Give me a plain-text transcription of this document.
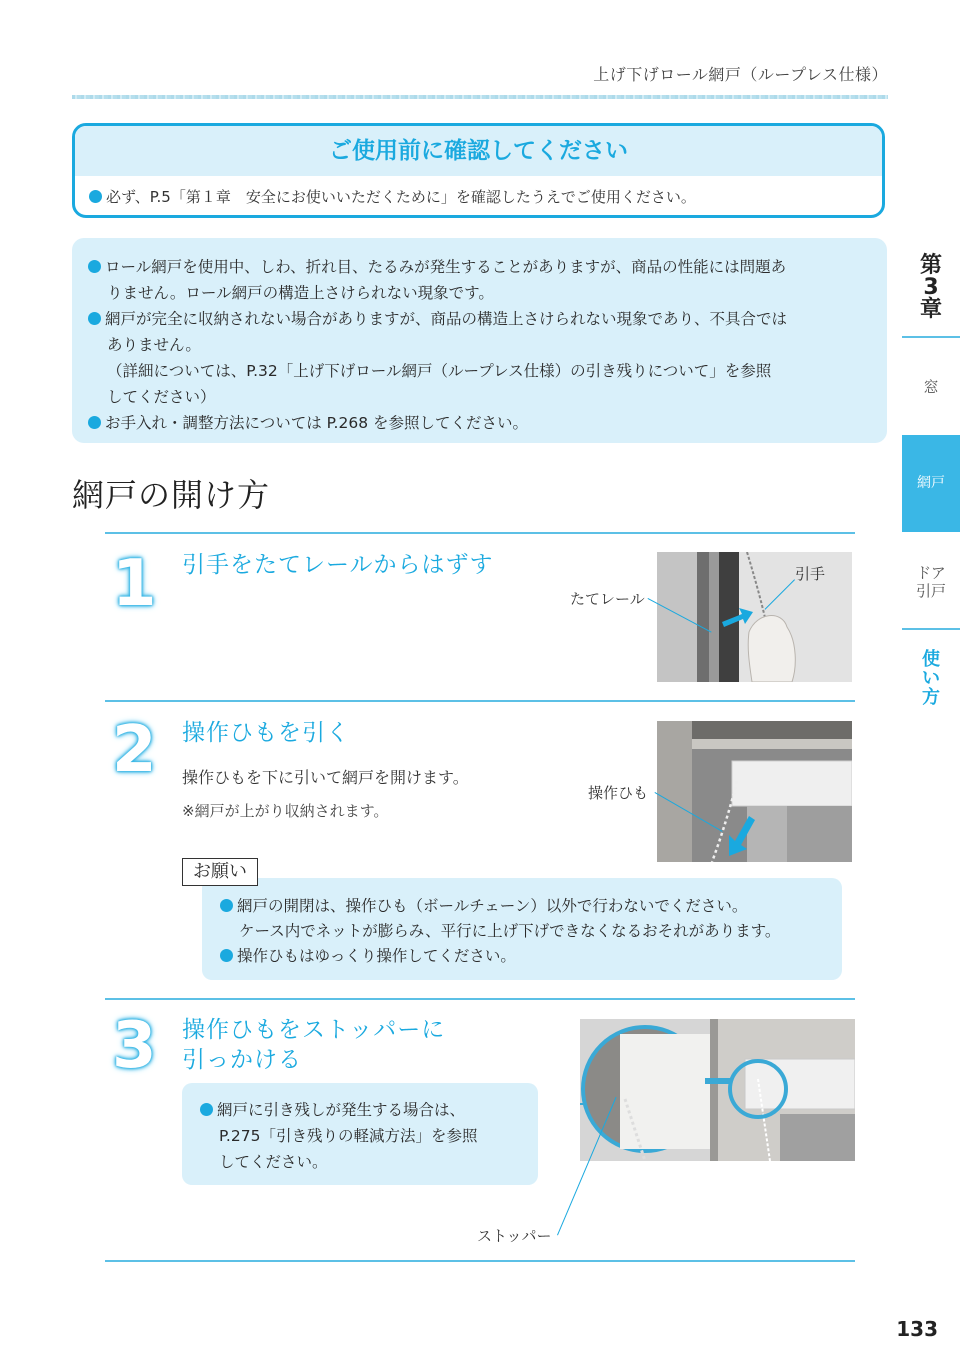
上げ下げロール網戸（ループレス仕様）
ご使用前に確認してください
必ず、P.5「第１章　安全にお使いいただくために」を確認したうえでご使用ください。

ロール網戸を使用中、しわ、折れ目、たるみが発生することがありますが、商品の性能には問題あ

りません。ロール網戸の構造上さけられない現象です。

網戸が完全に収納されない場合がありますが、商品の構造上さけられない現象であり、不具合では

ありません。

（詳細については、P.32「上げ下げロール網戸（ループレス仕様）の引き残りについて」を参照

してください）

お手入れ・調整方法については P.268 を参照してください。

網戸の開け方
1 引手をたてレールからはずす
たてレール
引手
2 操作ひもを引く
操作ひもを下に引いて網戸を開けます。
※網戸が上がり収納されます。
操作ひも

網戸の開閉は、操作ひも（ボールチェーン）以外で行わないでください。

ケース内でネットが膨らみ、平行に上げ下げできなくなるおそれがあります。

操作ひもはゆっくり操作してください。

お願い
3 操作ひもをストッパーに
引っかける

網戸に引き残しが発生する場合は、

P.275「引き残りの軽減方法」を参照

してください。

ストッパー
第
3
章
窓
網戸
ドア
引戸
使
い
方
133
